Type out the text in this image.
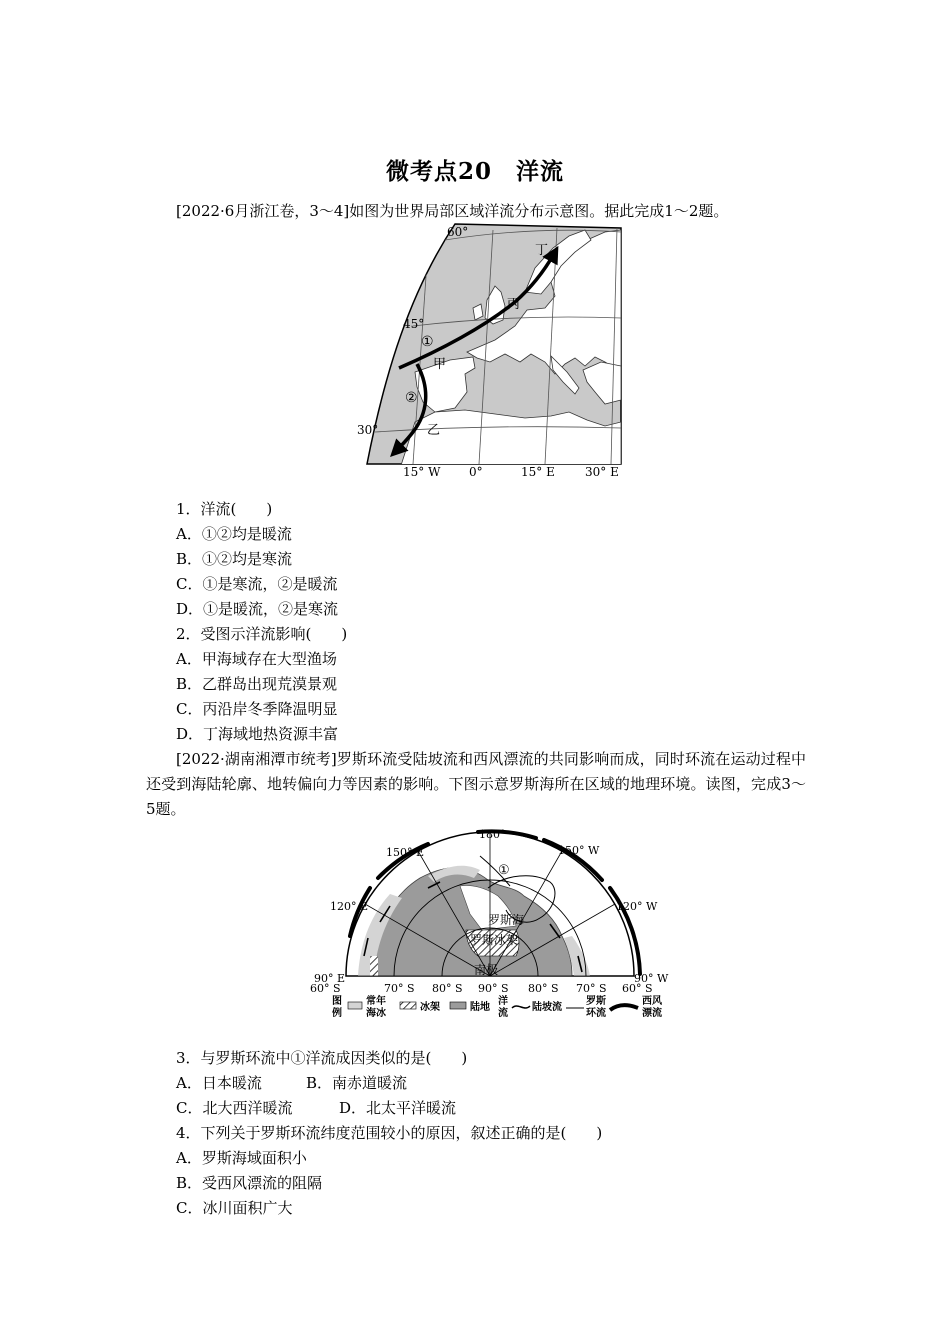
微考点20　洋流
[2022·6月浙江卷，3～4]如图为世界局部区域洋流分布示意图。据此完成1～2题。
60°
45°
30°
①
②
甲
乙
丙
丁
15° W 0°	15° E	30° E
1．洋流(　　)
A．①②均是暖流
B．①②均是寒流
C．①是寒流，②是暖流
D．①是暖流，②是寒流
2．受图示洋流影响(　　)
A．甲海域存在大型渔场
B．乙群岛出现荒漠景观
C．丙沿岸冬季降温明显
D．丁海域地热资源丰富
[2022·湖南湘潭市统考]罗斯环流受陆坡流和西风漂流的共同影响而成，同时环流在运动过程中还受到海陆轮廓、地转偏向力等因素的影响。下图示意罗斯海所在区域的地理环境。读图，完成3～5题。
180°
150° E	150° W
120° E	120° W
90° E	90° W
①
罗斯海
罗斯冰架
南极
60° S	70° S 80° S 90° S 80° S 70° S 60° S
图
例
常年
海冰
冰架	陆地
洋
流
陆坡流
罗斯
环流
西风
漂流
3．与罗斯环流中①洋流成因类似的是(　　)
A．日本暖流	B．南赤道暖流
C．北大西洋暖流	D．北太平洋暖流
4．下列关于罗斯环流纬度范围较小的原因，叙述正确的是(　　)
A．罗斯海域面积小
B．受西风漂流的阻隔
C．冰川面积广大
